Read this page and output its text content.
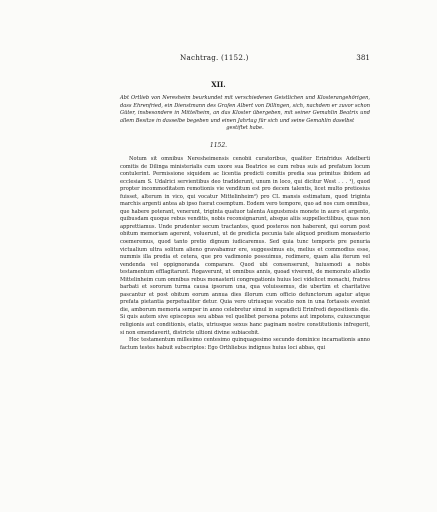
Nachtrag. (1152.)	381
XII.
Abt Ortlieb von Neresheim beurkundet mit verschiedenen Geistlichen und Klosterangehörigen, dass Ehrenfried, ein Dienstmann des Grafen Albert von Dillingen, sich, nachdem er zuvor schon Güter, insbesondere in Mittelheim, an das Kloster übergeben, mit seiner Gemahlin Beatrix und allem Besitze in dasselbe begeben und einen Jahrtag für sich und seine Gemahlin daselbst
gestiftet habe.
1152.

Notum sit omnibus Neresheimensis cenobii curatoribus, qualiter Erinfridus Adelberti comitis de Dilinga ministerialis cum uxore sua Beatrice se cum rebus suis ad prefatum locum contulerint. Permissione siquidem ac licentia predicti comitis predia sua primitus ibidem ad ecclesiam S. Udalrici servientibus deo tradiderunt, unum in loco, qui dicitur West . . . ¹), quod propter incommoditatem remotionis vie venditum est pro decem talentis, licet multo pretiosius fuisset, alterum in vico, qui vocatur Mittelinheim²) pro CL mansis estimatum, quod triginta marchis argenti antea ab ipso fuerat coemptum. Eodem vero tempore, quo ad nos cum omnibus, que habere poterant, venerunt, triginta quatuor talenta Augustensis monete in auro et argento, quibusdam quoque rebus venditis, nobis reconsignarunt, absque aliis suppellectilibus, quas non apprettiamus. Unde prudenter secum tractantes, quod posteros non haberent, qui eorum post obitum memoriam agerent, voluerunt, ut de predicta pecunia tale aliquod predium monasterio coemeremus, quod tanto pretio dignum iudicaremus. Sed quia tunc temporis pre penuria victualium ultra solitum alieno gravabamur ere, suggessimus eis, melius et commodius esse, nummis illa predia et cetera, que pro vadimonio possuimus, redimere, quam alia iterum vel vendenda vel oppignoranda comparare. Quod ubi consenserunt, huiusmodi a nobis testamentum efflagitarunt. Rogaverunt, ut omnibus annis, quoad viverent, de memorato allodio Mittelinheim cum omnibus rebus monasterii congregationis huius loci videlicet monachi, fratres barbati et sororum turma causa ipsorum una, qua voluissemus, die ubertim et charitative pascantur et post obitum eorum annua dies illorum cum officio defunctorum agatur atque prefata pietantia perpetualiter detur. Quia vero utriusque vocatio non in una fortassis eveniet die, amborum memoria semper in anno celebretur simul in supradicti Erinfredi depositionis die. Si quis autem sive episcopus seu abbas vel quelibet persona potens aut impotens, cuiuscunque religionis aut conditionis, etatis, utriusque sexus hanc paginam nostre constitutionis infregerit, si non emendaverit, districte ultioni divine subiacebit.

Hoc testamentum millesimo centesimo quinquagesimo secundo dominice incarnationis anno factum testes habuit subscriptos: Ego Orthliebus indignus huius loci abbas, qui
